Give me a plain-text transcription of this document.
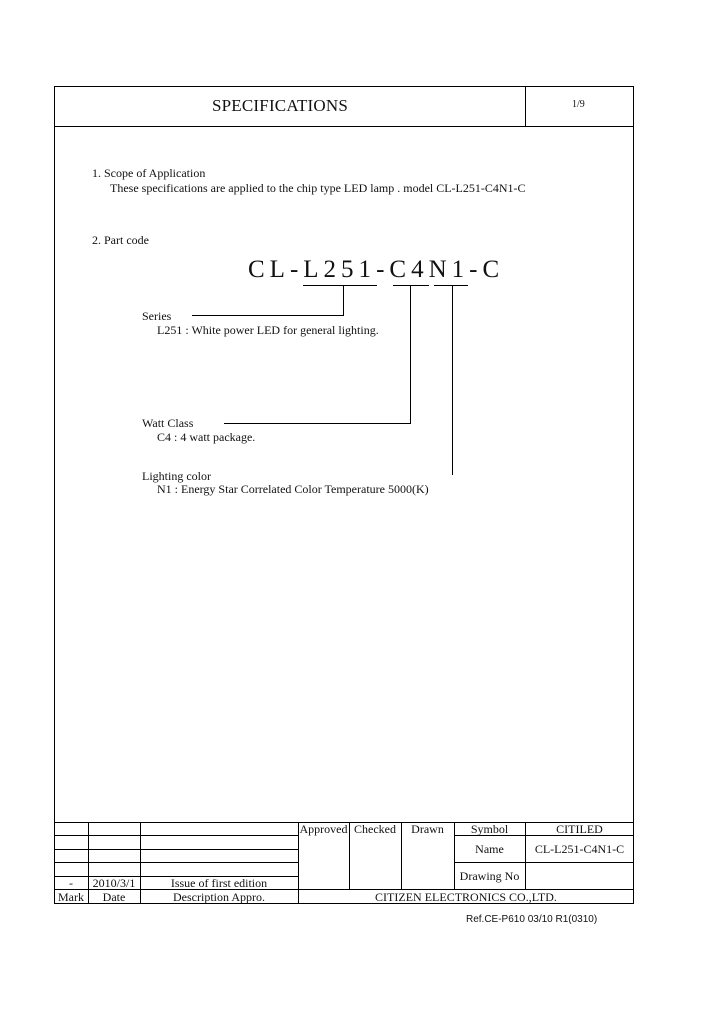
SPECIFICATIONS	1/9
1. Scope of Application
These specifications are applied to the chip type LED lamp . model CL-L251-C4N1-C
2. Part code
CL-L251-C4N1-C
Series
L251 : White power LED for general lighting.
Watt Class
C4 : 4 watt package.
Lighting color
N1 : Energy Star Correlated Color Temperature 5000(K)
Approved Checked	Drawn	Symbol	CITILED
Name	CL-L251-C4N1-C
Drawing No
-	2010/3/1	Issue of first edition
Mark	Date	Description Appro.	CITIZEN ELECTRONICS CO.,LTD.
Ref.CE-P610 03/10 R1(0310)
